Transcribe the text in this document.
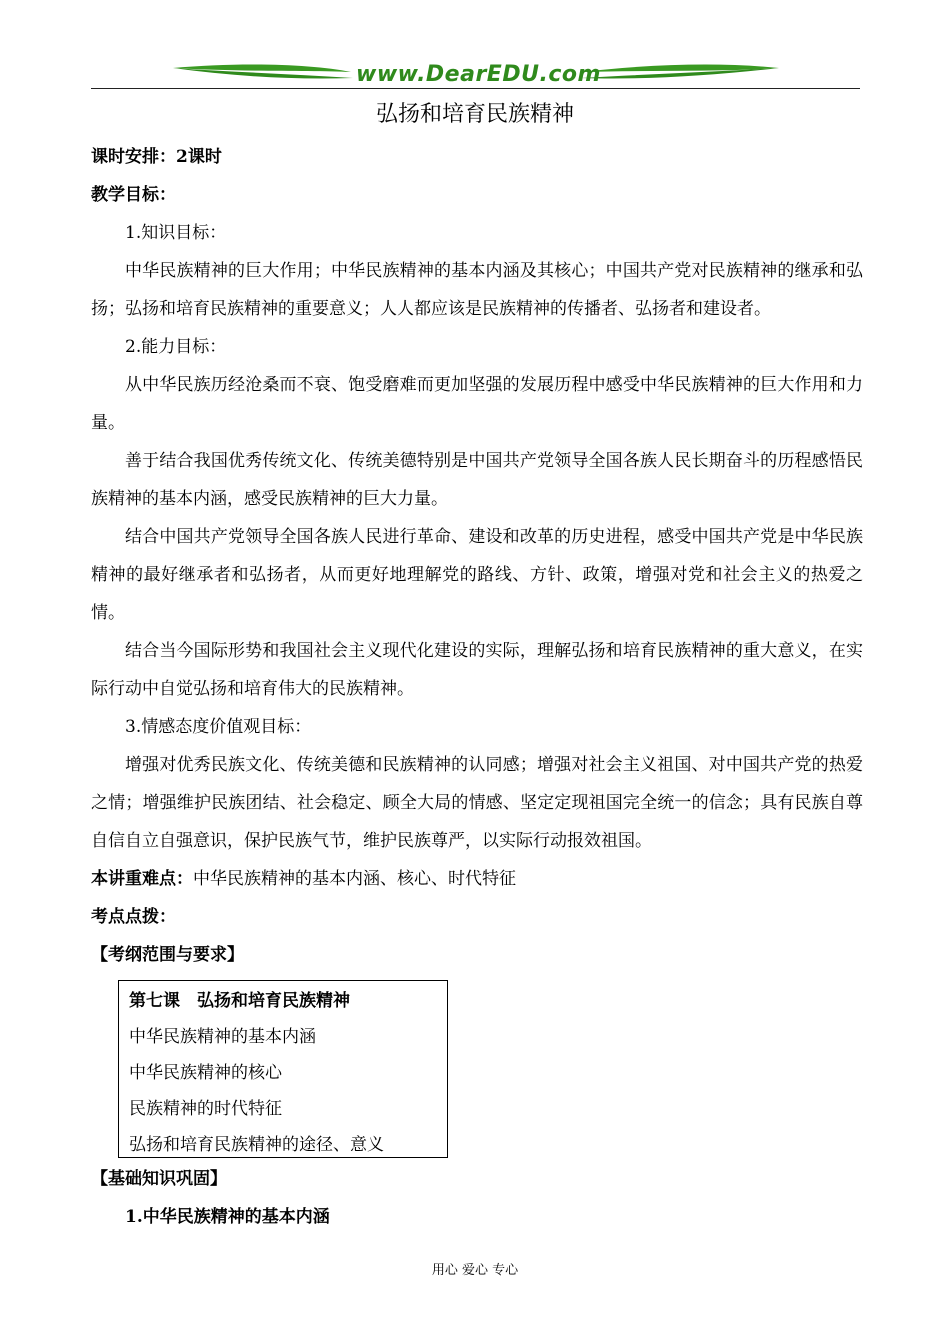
www.DearEDU.com
弘扬和培育民族精神
课时安排：2课时
教学目标：
1.知识目标：
中华民族精神的巨大作用；中华民族精神的基本内涵及其核心；中国共产党对民族精神的继承和弘扬；弘扬和培育民族精神的重要意义；人人都应该是民族精神的传播者、弘扬者和建设者。
2.能力目标：
从中华民族历经沧桑而不衰、饱受磨难而更加坚强的发展历程中感受中华民族精神的巨大作用和力量。
善于结合我国优秀传统文化、传统美德特别是中国共产党领导全国各族人民长期奋斗的历程感悟民族精神的基本内涵，感受民族精神的巨大力量。
结合中国共产党领导全国各族人民进行革命、建设和改革的历史进程，感受中国共产党是中华民族精神的最好继承者和弘扬者，从而更好地理解党的路线、方针、政策，增强对党和社会主义的热爱之情。
结合当今国际形势和我国社会主义现代化建设的实际，理解弘扬和培育民族精神的重大意义，在实际行动中自觉弘扬和培育伟大的民族精神。
3.情感态度价值观目标：
增强对优秀民族文化、传统美德和民族精神的认同感；增强对社会主义祖国、对中国共产党的热爱之情；增强维护民族团结、社会稳定、顾全大局的情感、坚定定现祖国完全统一的信念；具有民族自尊自信自立自强意识，保护民族气节，维护民族尊严，以实际行动报效祖国。
本讲重难点：中华民族精神的基本内涵、核心、时代特征
考点点拨：
【考纲范围与要求】
第七课　弘扬和培育民族精神
中华民族精神的基本内涵
中华民族精神的核心
民族精神的时代特征
弘扬和培育民族精神的途径、意义
【基础知识巩固】
1.中华民族精神的基本内涵
用心 爱心 专心
